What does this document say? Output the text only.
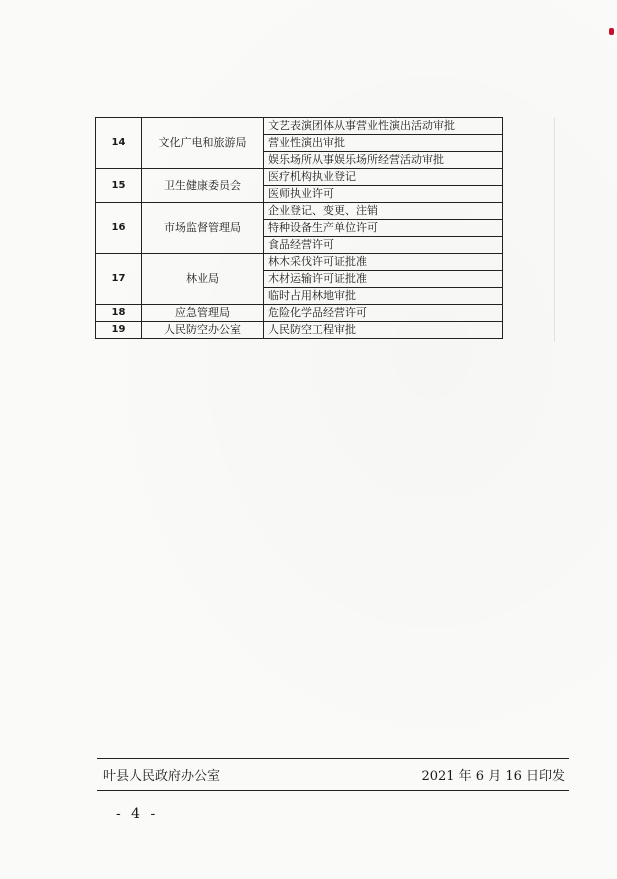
14	文化广电和旅游局	文艺表演团体从事营业性演出活动审批
		营业性演出审批
		娱乐场所从事娱乐场所经营活动审批
15	卫生健康委员会	医疗机构执业登记
		医师执业许可
16	市场监督管理局	企业登记、变更、注销
		特种设备生产单位许可
		食品经营许可
17	林业局	林木采伐许可证批准
		木材运输许可证批准
		临时占用林地审批
18	应急管理局	危险化学品经营许可
19	人民防空办公室	人民防空工程审批
叶县人民政府办公室	2021 年 6 月 16 日印发
- 4 -
